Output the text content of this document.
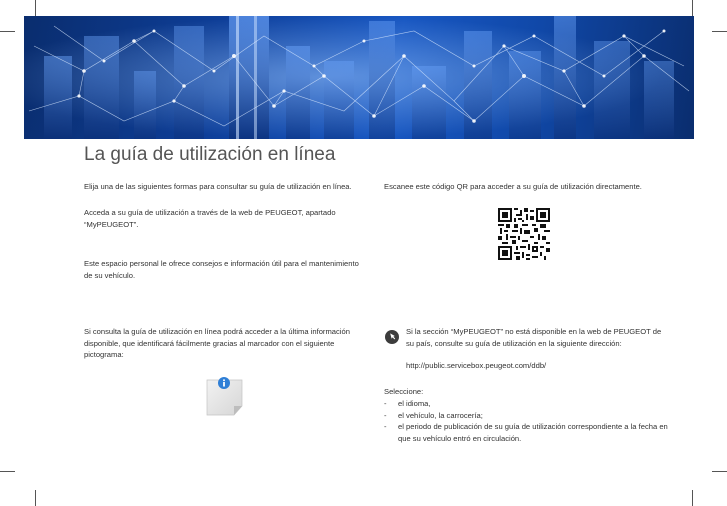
La guía de utilización en línea

Elija una de las siguientes formas para consultar su guía de utilización en línea.

Acceda a su guía de utilización a través de la web de PEUGEOT, apartado “MyPEUGEOT”.

Este espacio personal le ofrece consejos e información útil para el mantenimiento de su vehículo.

Si consulta la guía de utilización en línea podrá acceder a la última información disponible, que identificará fácilmente gracias al marcador con el siguiente pictograma:

Escanee este código QR para acceder a su guía de utilización directamente.

Si la sección “MyPEUGEOT” no está disponible en la web de PEUGEOT de su país, consulte su guía de utilización en la siguiente dirección:

http://public.servicebox.peugeot.com/ddb/

Seleccione:

- el idioma,
- el vehículo, la carrocería;
- el periodo de publicación de su guía de utilización correspondiente a la fecha en que su vehículo entró en circulación.
